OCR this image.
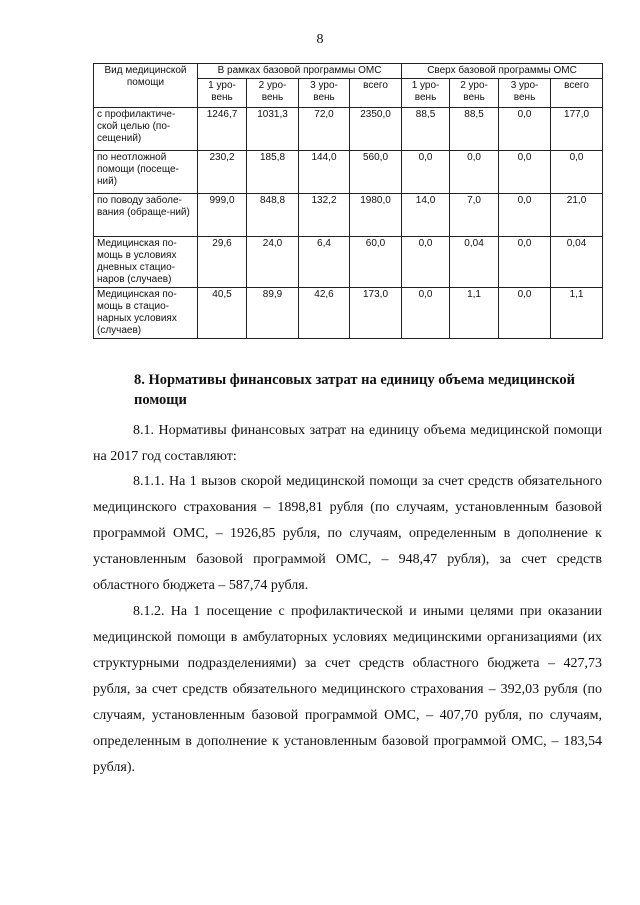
8
Вид медицинской помощи	В рамках базовой программы ОМС				Сверх базовой программы ОМС			
	1 уро-вень	2 уро-вень	3 уро-вень	всего	1 уро-вень	2 уро-вень	3 уро-вень	всего
с профилактиче-ской целью (по-сещений)	1246,7	1031,3	72,0	2350,0	88,5	88,5	0,0	177,0
по неотложной помощи (посеще-ний)	230,2	185,8	144,0	560,0	0,0	0,0	0,0	0,0
по поводу заболе-вания (обраще-ний)	999,0	848,8	132,2	1980,0	14,0	7,0	0,0	21,0
Медицинская по-мощь в условиях дневных стацио-наров (случаев)	29,6	24,0	6,4	60,0	0,0	0,04	0,0	0,04
Медицинская по-мощь в стацио-нарных условиях (случаев)	40,5	89,9	42,6	173,0	0,0	1,1	0,0	1,1
8. Нормативы финансовых затрат на единицу объема медицинской помощи

8.1. Нормативы финансовых затрат на единицу объема медицинской помощи на 2017 год составляют:

8.1.1. На 1 вызов скорой медицинской помощи за счет средств обязательного медицинского страхования – 1898,81 рубля (по случаям, установленным базовой программой ОМС, – 1926,85 рубля, по случаям, определенным в дополнение к установленным базовой программой ОМС, – 948,47 рубля), за счет средств областного бюджета – 587,74 рубля.

8.1.2. На 1 посещение с профилактической и иными целями при оказании медицинской помощи в амбулаторных условиях медицинскими организациями (их структурными подразделениями) за счет средств областного бюджета – 427,73 рубля, за счет средств обязательного медицинского страхования – 392,03 рубля (по случаям, установленным базовой программой ОМС, – 407,70 рубля, по случаям, определенным в дополнение к установленным базовой программой ОМС, – 183,54 рубля).
